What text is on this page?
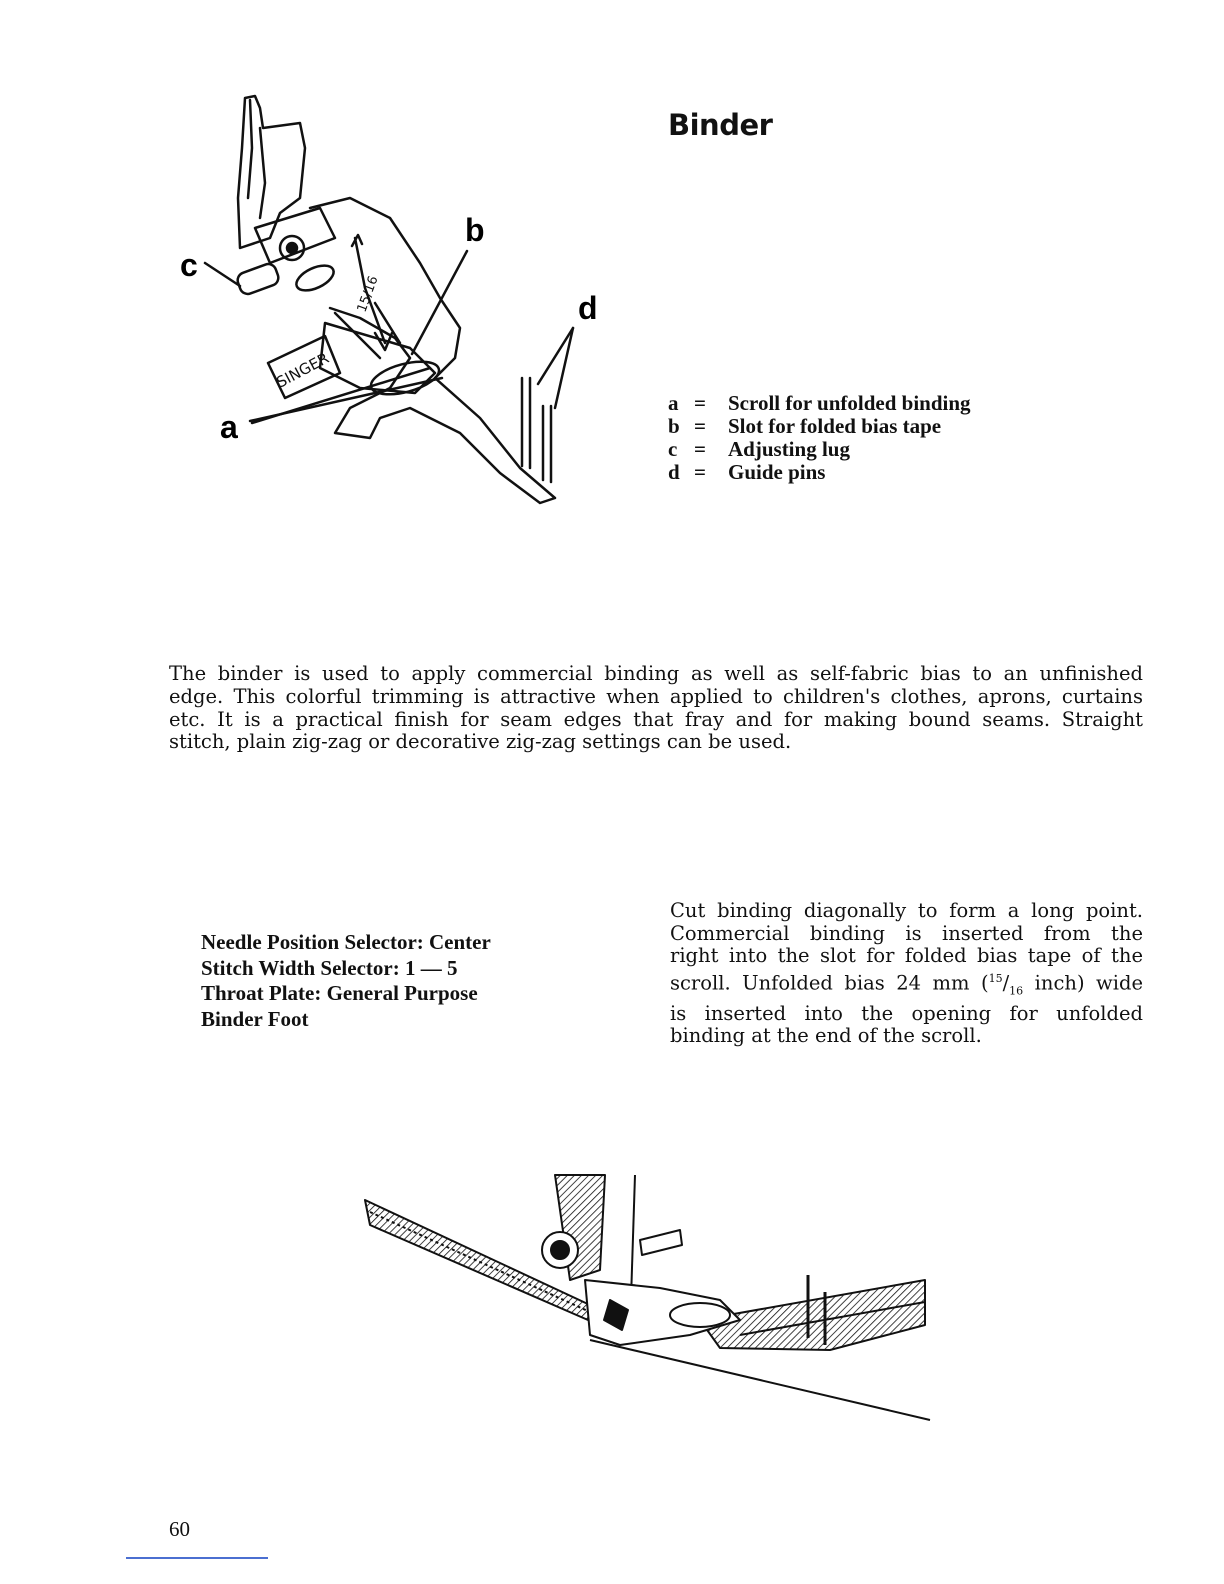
Binder
15/16
SINGER
c
b
d
a
a = Scroll for unfolded binding
b = Slot for folded bias tape
c = Adjusting lug
d = Guide pins
The binder is used to apply commercial binding as well as self-fabric bias to an unfinished
edge. This colorful trimming is attractive when applied to children's clothes, aprons, curtains
etc. It is a practical finish for seam edges that fray and for making bound seams. Straight
stitch, plain zig-zag or decorative zig-zag settings can be used.
Needle Position Selector: Center
Stitch Width Selector: 1 — 5
Throat Plate: General Purpose
Binder Foot
Cut binding diagonally to form a long point.
Commercial binding is inserted from the
right into the slot for folded bias tape of the
scroll. Unfolded bias 24 mm ($^{15}/_{16}$ inch) wide
is inserted into the opening for unfolded
binding at the end of the scroll.
60
